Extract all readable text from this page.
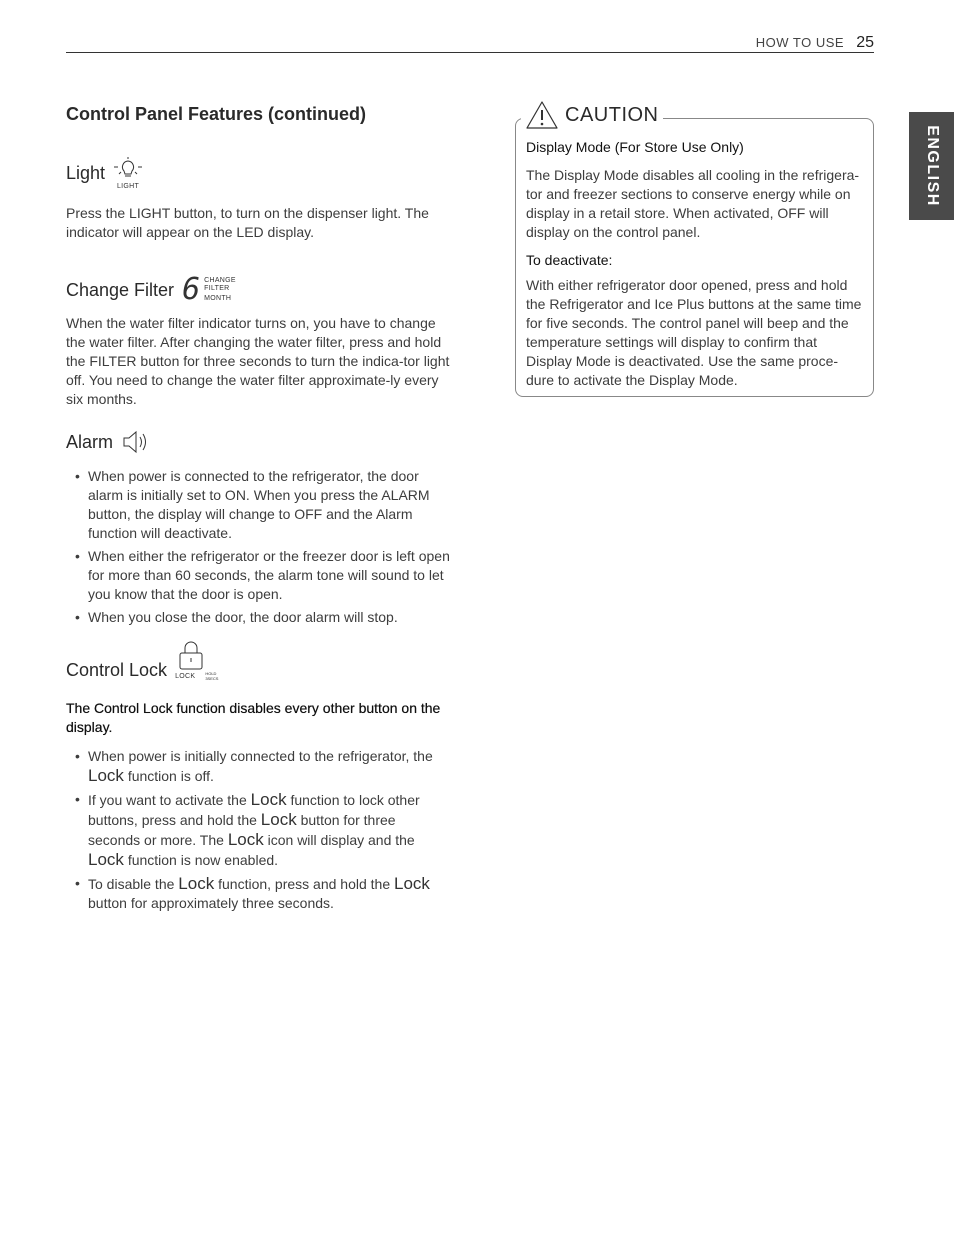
HOW TO USE 25
ENGLISH
Control Panel Features (continued)
Light
LIGHT

Press the LIGHT button, to turn on the dispenser light. The indicator will appear on the LED display.

Change Filter 6 CHANGE
FILTER
MONTH

When the water filter indicator turns on, you have to change the water filter. After changing the water filter, press and hold the FILTER button for three seconds to turn the indica-tor light off. You need to change the water filter approximate-ly every six months.

Alarm
• When power is connected to the refrigerator, the door alarm is initially set to ON. When you press the ALARM button, the display will change to OFF and the Alarm function will deactivate.
• When either the refrigerator or the freezer door is left open for more than 60 seconds, the alarm tone will sound to let you know that the door is open.
• When you close the door, the door alarm will stop.
Control Lock LOCK	HOLD
3SECS
The Control Lock function disables every other button on the display.
• When power is initially connected to the refrigerator, the Lock function is off.
• If you want to activate the Lock function to lock other buttons, press and hold the Lock button for three seconds or more. The Lock icon will display and the Lock function is now enabled.
• To disable the Lock function, press and hold the Lock button for approximately three seconds.
CAUTION

Display Mode (For Store Use Only)

The Display Mode disables all cooling in the refrigera-tor and freezer sections to conserve energy while on display in a retail store. When activated, OFF will display on the control panel.

To deactivate:

With either refrigerator door opened, press and hold the Refrigerator and Ice Plus buttons at the same time for five seconds. The control panel will beep and the temperature settings will display to confirm that Display Mode is deactivated. Use the same proce-dure to activate the Display Mode.
